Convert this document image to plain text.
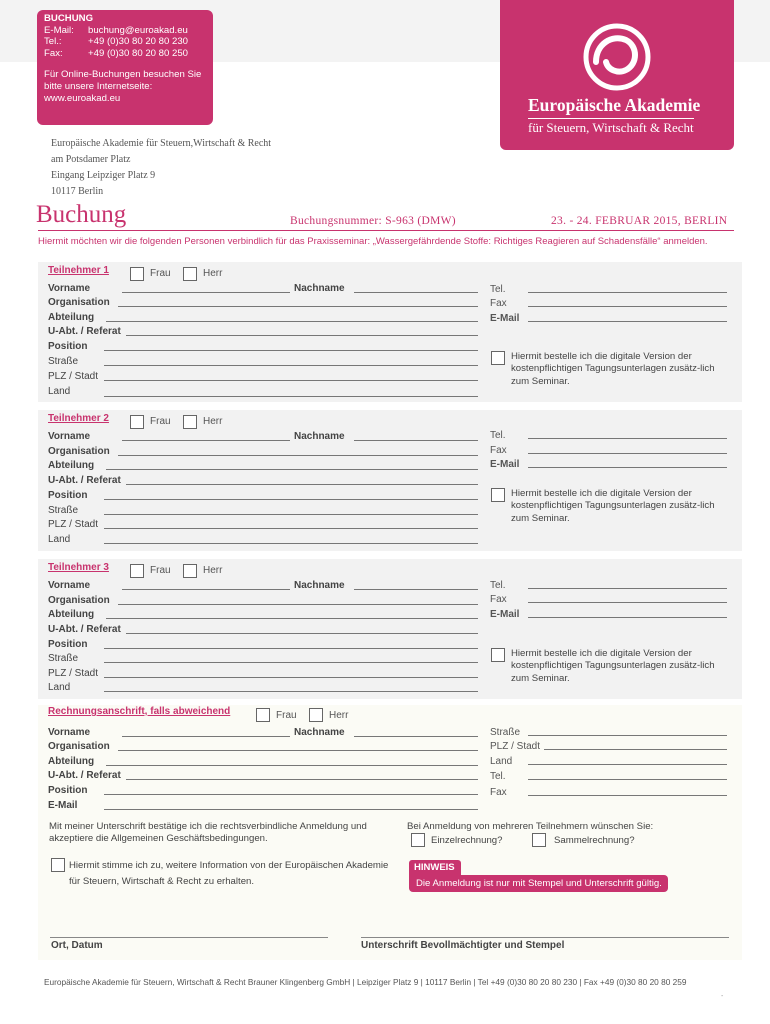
BUCHUNG
E-Mail:	buchung@euroakad.eu
Tel.:	+49 (0)30 80 20 80 230
Fax:	+49 (0)30 80 20 80 250
Für Online-Buchungen besuchen Sie bitte unsere Internetseite:
www.euroakad.eu	Europäische Akademie
für Steuern, Wirtschaft & Recht
Europäische Akademie für Steuern,Wirtschaft & Recht
am Potsdamer Platz
Eingang Leipziger Platz 9
10117 Berlin
Buchung	Buchungsnummer: S-963 (DMW)	23. - 24. FEBRUAR 2015, BERLIN
Hiermit möchten wir die folgenden Personen verbindlich für das Praxisseminar: „Wassergefährdende Stoffe: Richtiges Reagieren auf Schadensfälle“ anmelden.
Teilnehmer 1	Frau	Herr
Vorname	Nachname
Organisation
Abteilung
U-Abt. / Referat
Position
Straße
PLZ / Stadt
Land
Tel.
Fax
E-Mail
Hiermit bestelle ich die digitale Version der kostenpflichtigen Tagungsunterlagen zusätz-lich zum Seminar.
Teilnehmer 2	Frau	Herr
Vorname	Nachname
Organisation
Abteilung
U-Abt. / Referat
Position
Straße
PLZ / Stadt
Land
Tel.
Fax
E-Mail
Hiermit bestelle ich die digitale Version der kostenpflichtigen Tagungsunterlagen zusätz-lich zum Seminar.
Teilnehmer 3	Frau	Herr
Vorname	Nachname
Organisation
Abteilung
U-Abt. / Referat
Position
Straße
PLZ / Stadt
Land
Tel.
Fax
E-Mail
Hiermit bestelle ich die digitale Version der kostenpflichtigen Tagungsunterlagen zusätz-lich zum Seminar.
Rechnungsanschrift, falls abweichend	Frau	Herr
Vorname	Nachname
Organisation
Abteilung
U-Abt. / Referat
Position
E-Mail
Straße
PLZ / Stadt
Land
Tel.
Fax
Mit meiner Unterschrift bestätige ich die rechtsverbindliche Anmeldung und akzeptiere die Allgemeinen Geschäftsbedingungen.
Bei Anmeldung von mehreren Teilnehmern wünschen Sie:
Einzelrechnung?	Sammelrechnung?
Hiermit stimme ich zu, weitere Information von der Europäischen Akademie für Steuern, Wirtschaft & Recht zu erhalten.
HINWEIS
Die Anmeldung ist nur mit Stempel und Unterschrift gültig.
Ort, Datum	Unterschrift Bevollmächtigter und Stempel
Europäische Akademie für Steuern, Wirtschaft & Recht Brauner Klingenberg GmbH | Leipziger Platz 9 | 10117 Berlin | Tel +49 (0)30 80 20 80 230 | Fax +49 (0)30 80 20 80 259
-
